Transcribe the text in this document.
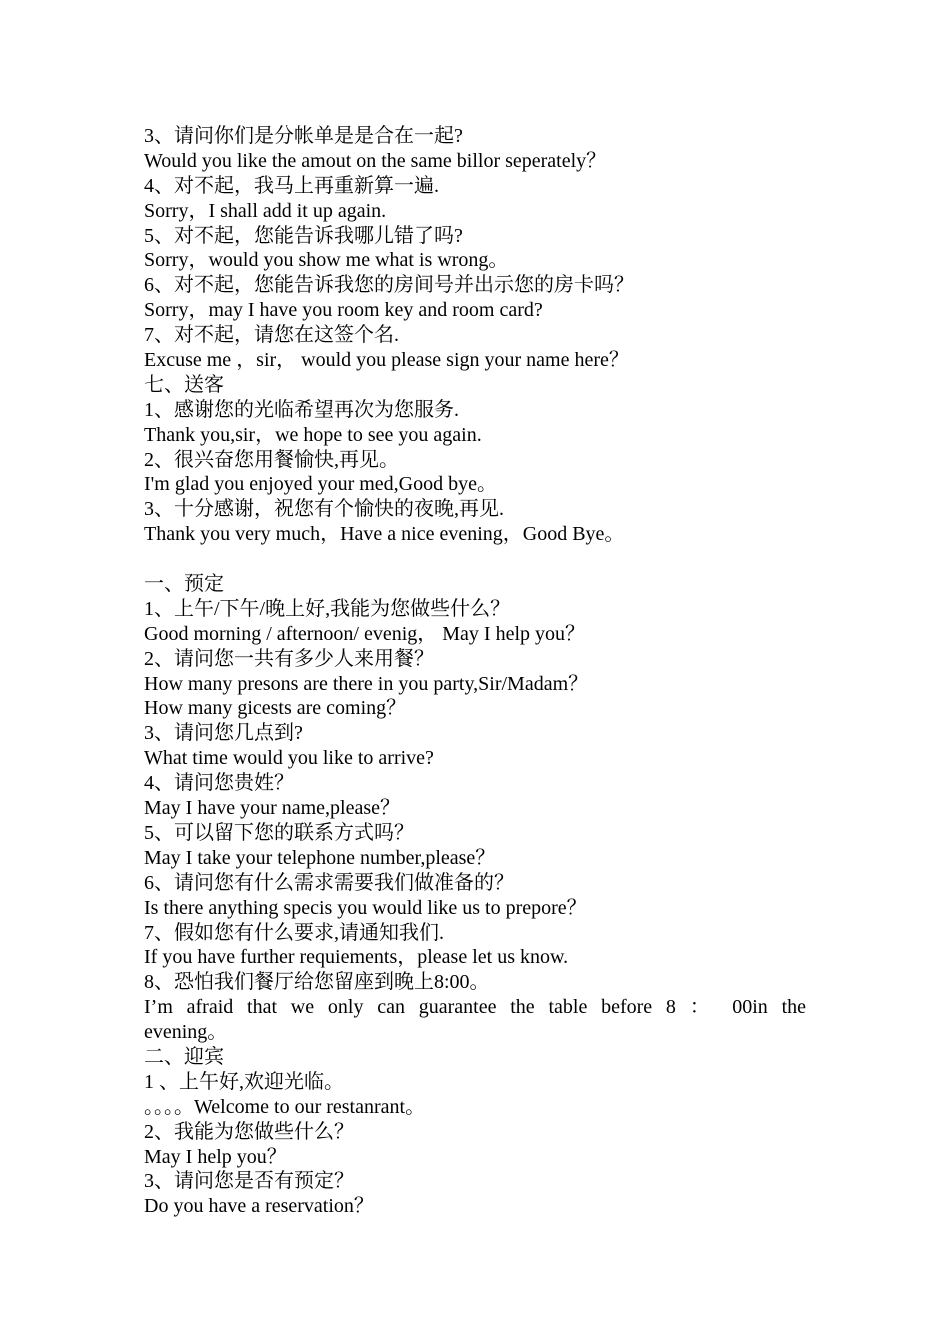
3、请问你们是分帐单是是合在一起?
Would you like the amout on the same billor seperately？
4、对不起，我马上再重新算一遍.
Sorry，I shall add it up again.
5、对不起，您能告诉我哪儿错了吗?
Sorry，would you show me what is wrong。
6、对不起，您能告诉我您的房间号并出示您的房卡吗？
Sorry，may I have you room key and room card?
7、对不起，请您在这签个名.
Excuse me ，sir， would you please sign your name here？
七、送客
1、感谢您的光临希望再次为您服务.
Thank you,sir，we hope to see you again.
2、很兴奋您用餐愉快,再见。
I'm glad you enjoyed your med,Good bye。
3、十分感谢，祝您有个愉快的夜晚,再见.
Thank you very much，Have a nice evening，Good Bye。
一、预定
1、上午/下午/晚上好,我能为您做些什么？
Good morning / afternoon/ evenig， May I help you？
2、请问您一共有多少人来用餐？
How many presons are there in you party,Sir/Madam？
How many gicests are coming？
3、请问您几点到?
What time would you like to arrive?
4、请问您贵姓？
May I have your name,please？
5、可以留下您的联系方式吗？
May I take your telephone number,please？
6、请问您有什么需求需要我们做准备的？
Is there anything specis you would like us to prepore？
7、假如您有什么要求,请通知我们.
If you have further requiements，please let us know.
8、恐怕我们餐厅给您留座到晚上8:00。
I’m afraid that we only can guarantee the table before 8 ： 00in the
evening。
二、迎宾
1 、上午好,欢迎光临。
。。。。Welcome to our restanrant。
2、我能为您做些什么？
May I help you？
3、请问您是否有预定？
Do you have a reservation？
